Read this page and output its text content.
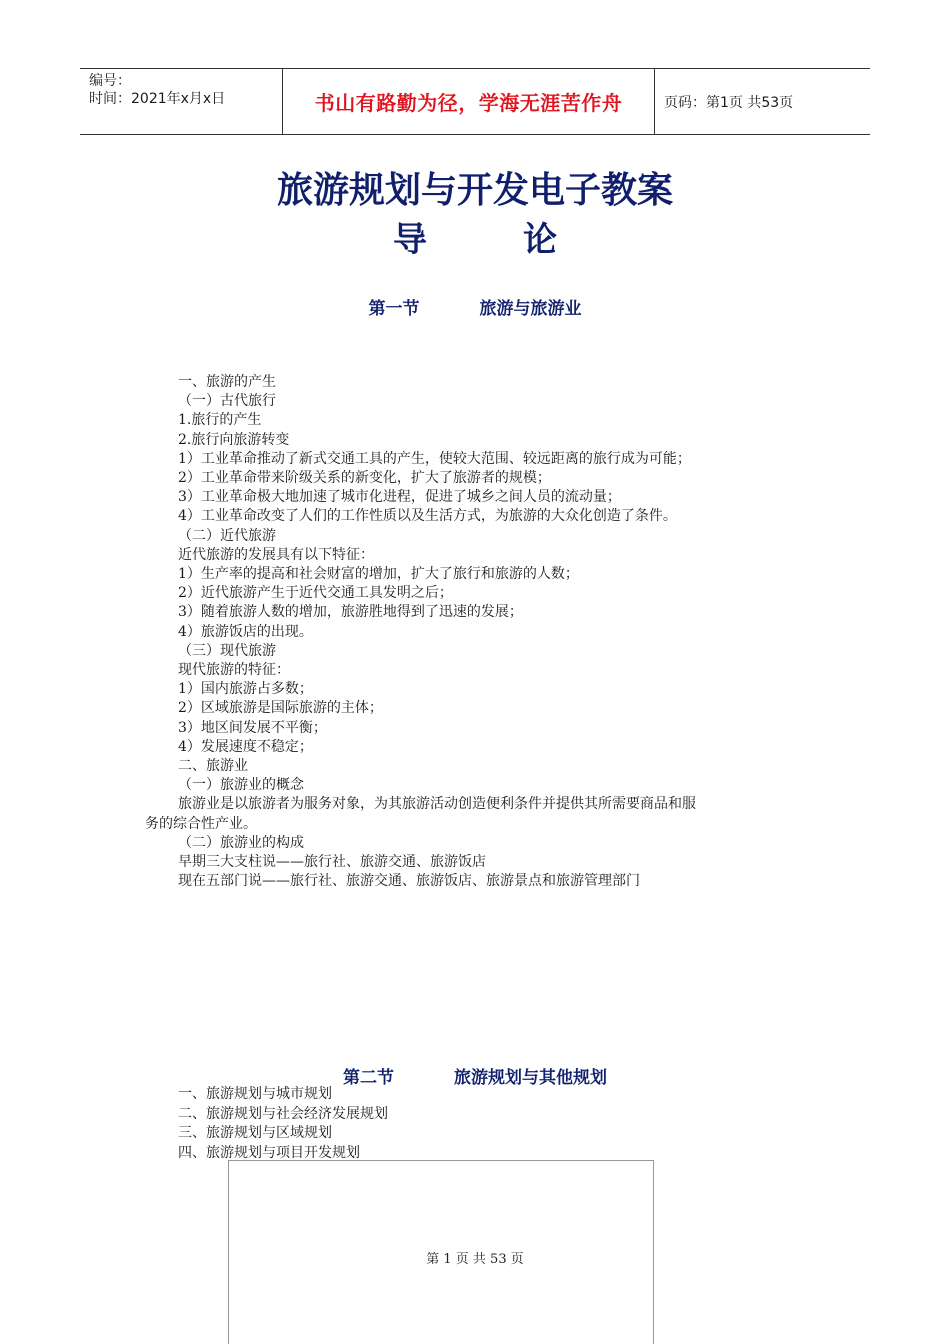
编号：
时间：2021年x月x日	书山有路勤为径，学海无涯苦作舟	页码：第1页 共53页
旅游规划与开发电子教案
导	论
第一节	旅游与旅游业
一、旅游的产生
（一）古代旅行
1.旅行的产生
2.旅行向旅游转变
1）工业革命推动了新式交通工具的产生，使较大范围、较远距离的旅行成为可能；
2）工业革命带来阶级关系的新变化，扩大了旅游者的规模；
3）工业革命极大地加速了城市化进程，促进了城乡之间人员的流动量；
4）工业革命改变了人们的工作性质以及生活方式，为旅游的大众化创造了条件。
（二）近代旅游
近代旅游的发展具有以下特征：
1）生产率的提高和社会财富的增加，扩大了旅行和旅游的人数；
2）近代旅游产生于近代交通工具发明之后；
3）随着旅游人数的增加，旅游胜地得到了迅速的发展；
4）旅游饭店的出现。
（三）现代旅游
现代旅游的特征：
1）国内旅游占多数；
2）区域旅游是国际旅游的主体；
3）地区间发展不平衡；
4）发展速度不稳定；
二、旅游业
（一）旅游业的概念
旅游业是以旅游者为服务对象，为其旅游活动创造便利条件并提供其所需要商品和服
务的综合性产业。
（二）旅游业的构成
早期三大支柱说——旅行社、旅游交通、旅游饭店
现在五部门说——旅行社、旅游交通、旅游饭店、旅游景点和旅游管理部门
第二节	旅游规划与其他规划
一、旅游规划与城市规划
二、旅游规划与社会经济发展规划
三、旅游规划与区域规划
四、旅游规划与项目开发规划
第 1 页 共 53 页
